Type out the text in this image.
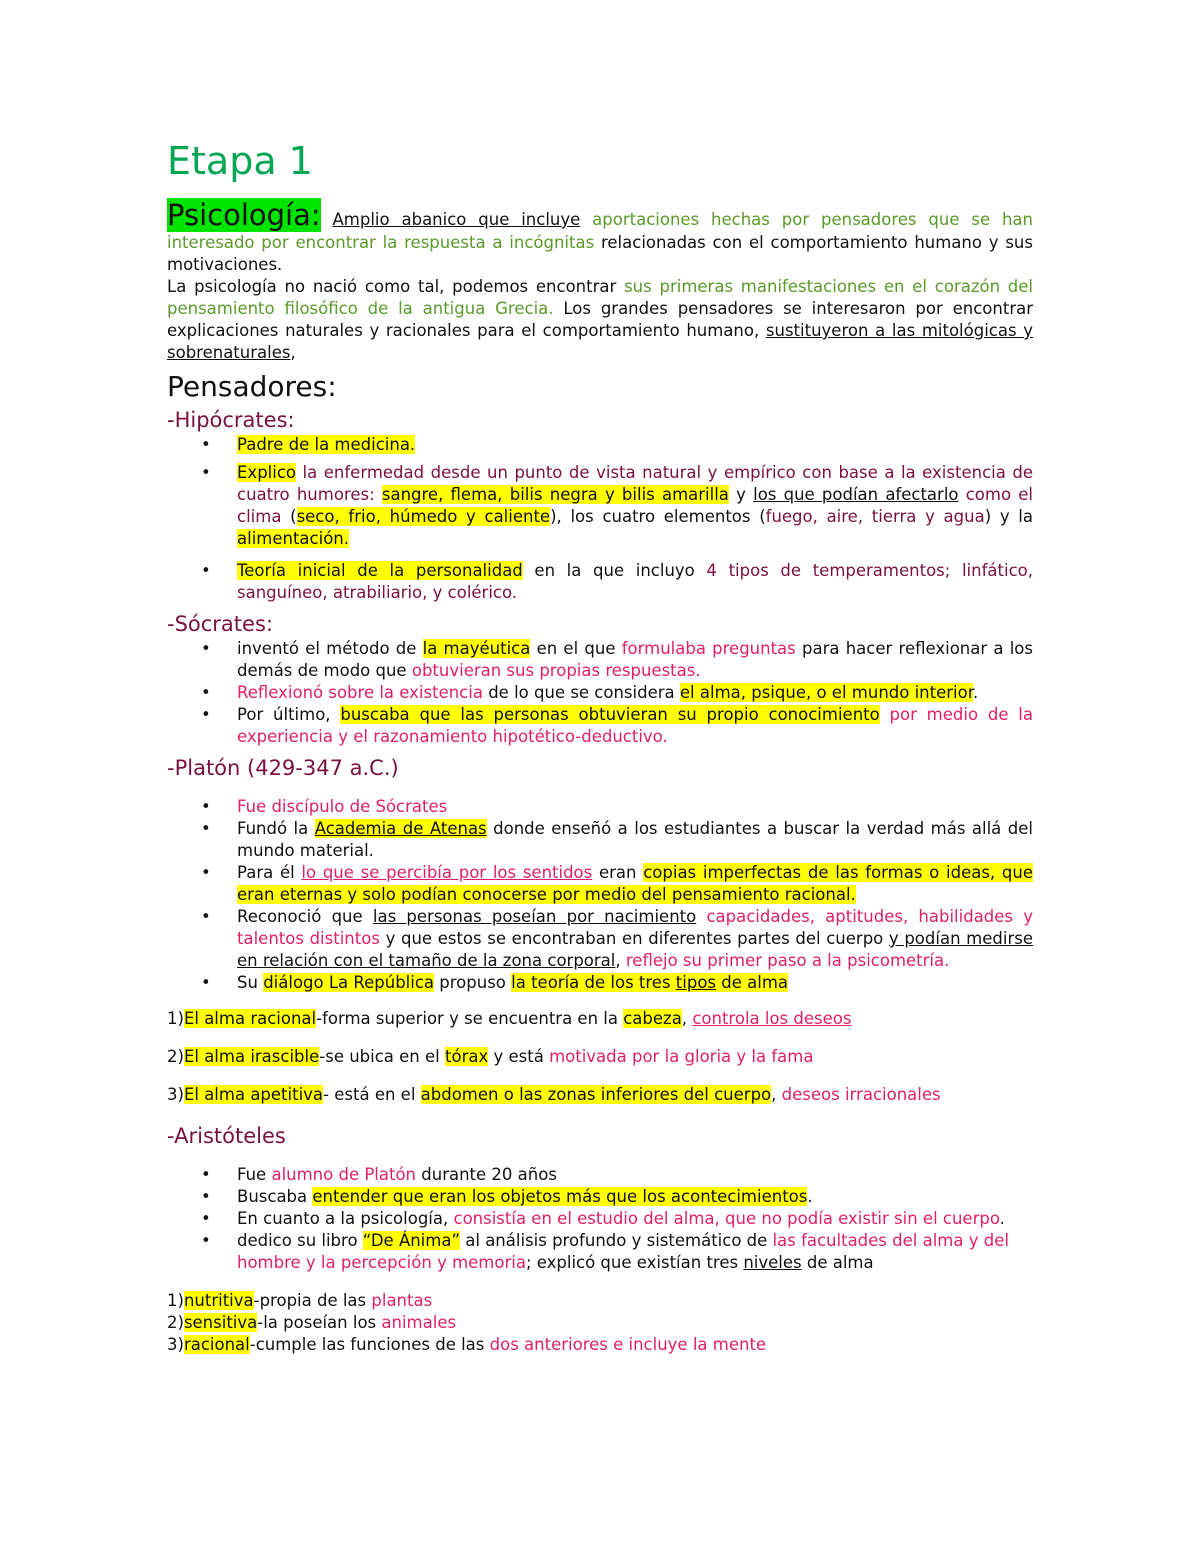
Etapa 1

Psicología: Amplio abanico que incluye aportaciones hechas por pensadores que se han interesado por encontrar la respuesta a incógnitas relacionadas con el comportamiento humano y sus motivaciones.

La psicología no nació como tal, podemos encontrar sus primeras manifestaciones en el corazón del pensamiento filosófico de la antigua Grecia. Los grandes pensadores se interesaron por encontrar explicaciones naturales y racionales para el comportamiento humano, sustituyeron a las mitológicas y sobrenaturales,

Pensadores:
-Hipócrates:
• Padre de la medicina.
• Explico la enfermedad desde un punto de vista natural y empírico con base a la existencia de cuatro humores: sangre, flema, bilis negra y bilis amarilla y los que podían afectarlo como el clima (seco, frio, húmedo y caliente), los cuatro elementos (fuego, aire, tierra y agua) y la alimentación.
• Teoría inicial de la personalidad en la que incluyo 4 tipos de temperamentos; linfático, sanguíneo, atrabiliario, y colérico.
-Sócrates:
• inventó el método de la mayéutica en el que formulaba preguntas para hacer reflexionar a los demás de modo que obtuvieran sus propias respuestas.
• Reflexionó sobre la existencia de lo que se considera el alma, psique, o el mundo interior.
• Por último, buscaba que las personas obtuvieran su propio conocimiento por medio de la experiencia y el razonamiento hipotético-deductivo.
-Platón (429-347 a.C.)
• Fue discípulo de Sócrates
• Fundó la Academia de Atenas donde enseñó a los estudiantes a buscar la verdad más allá del mundo material.
• Para él lo que se percibía por los sentidos eran copias imperfectas de las formas o ideas, que eran eternas y solo podían conocerse por medio del pensamiento racional.
• Reconoció que las personas poseían por nacimiento capacidades, aptitudes, habilidades y talentos distintos y que estos se encontraban en diferentes partes del cuerpo y podían medirse en relación con el tamaño de la zona corporal, reflejo su primer paso a la psicometría.
• Su diálogo La República propuso la teoría de los tres tipos de alma

1)El alma racional-forma superior y se encuentra en la cabeza, controla los deseos

2)El alma irascible-se ubica en el tórax y está motivada por la gloria y la fama

3)El alma apetitiva- está en el abdomen o las zonas inferiores del cuerpo, deseos irracionales

-Aristóteles
• Fue alumno de Platón durante 20 años
• Buscaba entender que eran los objetos más que los acontecimientos.
• En cuanto a la psicología, consistía en el estudio del alma, que no podía existir sin el cuerpo.
• dedico su libro “De Ánima” al análisis profundo y sistemático de las facultades del alma y del hombre y la percepción y memoria; explicó que existían tres niveles de alma

1)nutritiva-propia de las plantas

2)sensitiva-la poseían los animales

3)racional-cumple las funciones de las dos anteriores e incluye la mente
